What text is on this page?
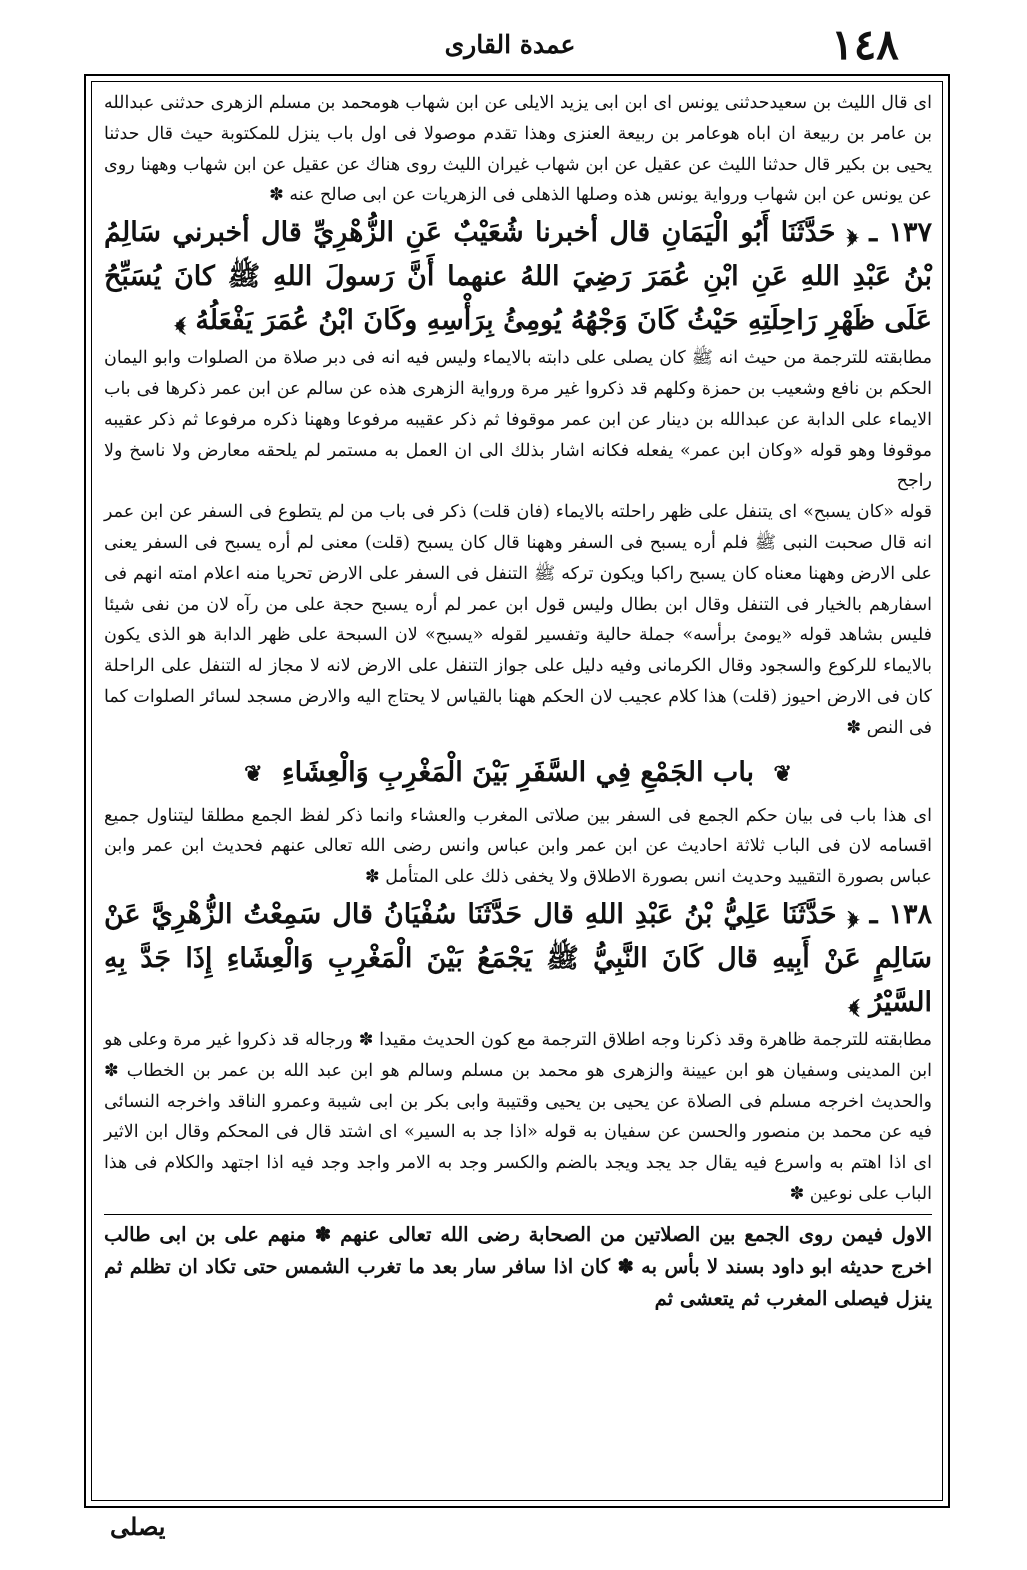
١٤٨
عمدة القاری

ای قال الليث بن سعيدحدثنی يونس ای ابن ابی يزيد الايلی عن ابن شهاب هومحمد بن مسلم الزهری حدثنی عبدالله بن عامر بن ربيعة ان اباه هوعامر بن ربيعة العنزی وهذا تقدم موصولا فی اول باب ينزل للمكتوبة حيث قال حدثنا يحيی بن بكير قال حدثنا الليث عن عقيل عن ابن شهاب غيران الليث روی هناك عن عقيل عن ابن شهاب وههنا روی عن يونس عن ابن شهاب ورواية يونس هذه وصلها الذهلی فی الزهريات عن ابی صالح عنه ✽

١٣٧ ـ ﴿ حَدَّثَنَا أَبُو الْيَمَانِ قال أخبرنا شُعَيْبٌ عَنِ الزُّهْرِيِّ قال أخبرني سَالِمُ بْنُ عَبْدِ اللهِ عَنِ ابْنِ عُمَرَ رَضِيَ اللهُ عنهما أَنَّ رَسولَ اللهِ ﷺ كانَ يُسَبِّحُ عَلَى ظَهْرِ رَاحِلَتِهِ حَيْثُ كَانَ وَجْهُهُ يُومِئُ بِرَأْسِهِ وكَانَ ابْنُ عُمَرَ يَفْعَلُهُ ﴾

مطابقته للترجمة من حيث انه ﷺ كان يصلی علی دابته بالايماء وليس فيه انه فی دبر صلاة من الصلوات وابو اليمان الحكم بن نافع وشعيب بن حمزة وكلهم قد ذكروا غير مرة ورواية الزهری هذه عن سالم عن ابن عمر ذكرها فی باب الايماء علی الدابة عن عبدالله بن دينار عن ابن عمر موقوفا ثم ذكر عقيبه مرفوعا وههنا ذكره مرفوعا ثم ذكر عقيبه موقوفا وهو قوله «وكان ابن عمر» يفعله فكانه اشار بذلك الی ان العمل به مستمر لم يلحقه معارض ولا ناسخ ولا راجح

قوله «كان يسبح» ای يتنفل علی ظهر راحلته بالايماء (فان قلت) ذكر فی باب من لم يتطوع فی السفر عن ابن عمر انه قال صحبت النبی ﷺ فلم أره يسبح فی السفر وههنا قال كان يسبح (قلت) معنی لم أره يسبح فی السفر يعنی علی الارض وههنا معناه كان يسبح راكبا ويكون تركه ﷺ التنفل فی السفر علی الارض تحريا منه اعلام امته انهم فی اسفارهم بالخيار فی التنفل وقال ابن بطال وليس قول ابن عمر لم أره يسبح حجة علی من رآه لان من نفی شيئا فليس بشاهد قوله «يومئ برأسه» جملة حالية وتفسير لقوله «يسبح» لان السبحة علی ظهر الدابة هو الذی يكون بالايماء للركوع والسجود وقال الكرمانی وفيه دليل علی جواز التنفل علی الارض لانه لا مجاز له التنفل علی الراحلة كان فی الارض احيوز (قلت) هذا كلام عجيب لان الحكم ههنا بالقياس لا يحتاج اليه والارض مسجد لسائر الصلوات كما فی النص ✽

❦ باب الجَمْعِ فِي السَّفَرِ بَيْنَ الْمَغْرِبِ وَالْعِشَاءِ ❦

ای هذا باب فی بيان حكم الجمع فی السفر بين صلاتی المغرب والعشاء وانما ذكر لفظ الجمع مطلقا ليتناول جميع اقسامه لان فی الباب ثلاثة احاديث عن ابن عمر وابن عباس وانس رضی الله تعالی عنهم فحديث ابن عمر وابن عباس بصورة التقييد وحديث انس بصورة الاطلاق ولا يخفی ذلك علی المتأمل ✽

١٣٨ ـ ﴿ حَدَّثَنَا عَلِيُّ بْنُ عَبْدِ اللهِ قال حَدَّثَنَا سُفْيَانُ قال سَمِعْتُ الزُّهْرِيَّ عَنْ سَالِمٍ عَنْ أَبِيهِ قال كَانَ النَّبِيُّ ﷺ يَجْمَعُ بَيْنَ الْمَغْرِبِ وَالْعِشَاءِ إِذَا جَدَّ بِهِ السَّيْرُ ﴾

مطابقته للترجمة ظاهرة وقد ذكرنا وجه اطلاق الترجمة مع كون الحديث مقيدا ✽ ورجاله قد ذكروا غير مرة وعلی هو ابن المدينی وسفيان هو ابن عيينة والزهری هو محمد بن مسلم وسالم هو ابن عبد الله بن عمر بن الخطاب ✽ والحديث اخرجه مسلم فی الصلاة عن يحيی بن يحيی وقتيبة وابی بكر بن ابی شيبة وعمرو الناقد واخرجه النسائی فيه عن محمد بن منصور والحسن عن سفيان به قوله «اذا جد به السير» ای اشتد قال فی المحكم وقال ابن الاثير ای اذا اهتم به واسرع فيه يقال جد يجد ويجد بالضم والكسر وجد به الامر واجد وجد فيه اذا اجتهد والكلام فی هذا الباب علی نوعين ✽

الاول فيمن روی الجمع بين الصلاتين من الصحابة رضی الله تعالی عنهم ✽ منهم علی بن ابی طالب اخرج حديثه ابو داود بسند لا بأس به ✽ كان اذا سافر سار بعد ما تغرب الشمس حتی تكاد ان تظلم ثم ينزل فيصلی المغرب ثم يتعشی ثم

يصلی
